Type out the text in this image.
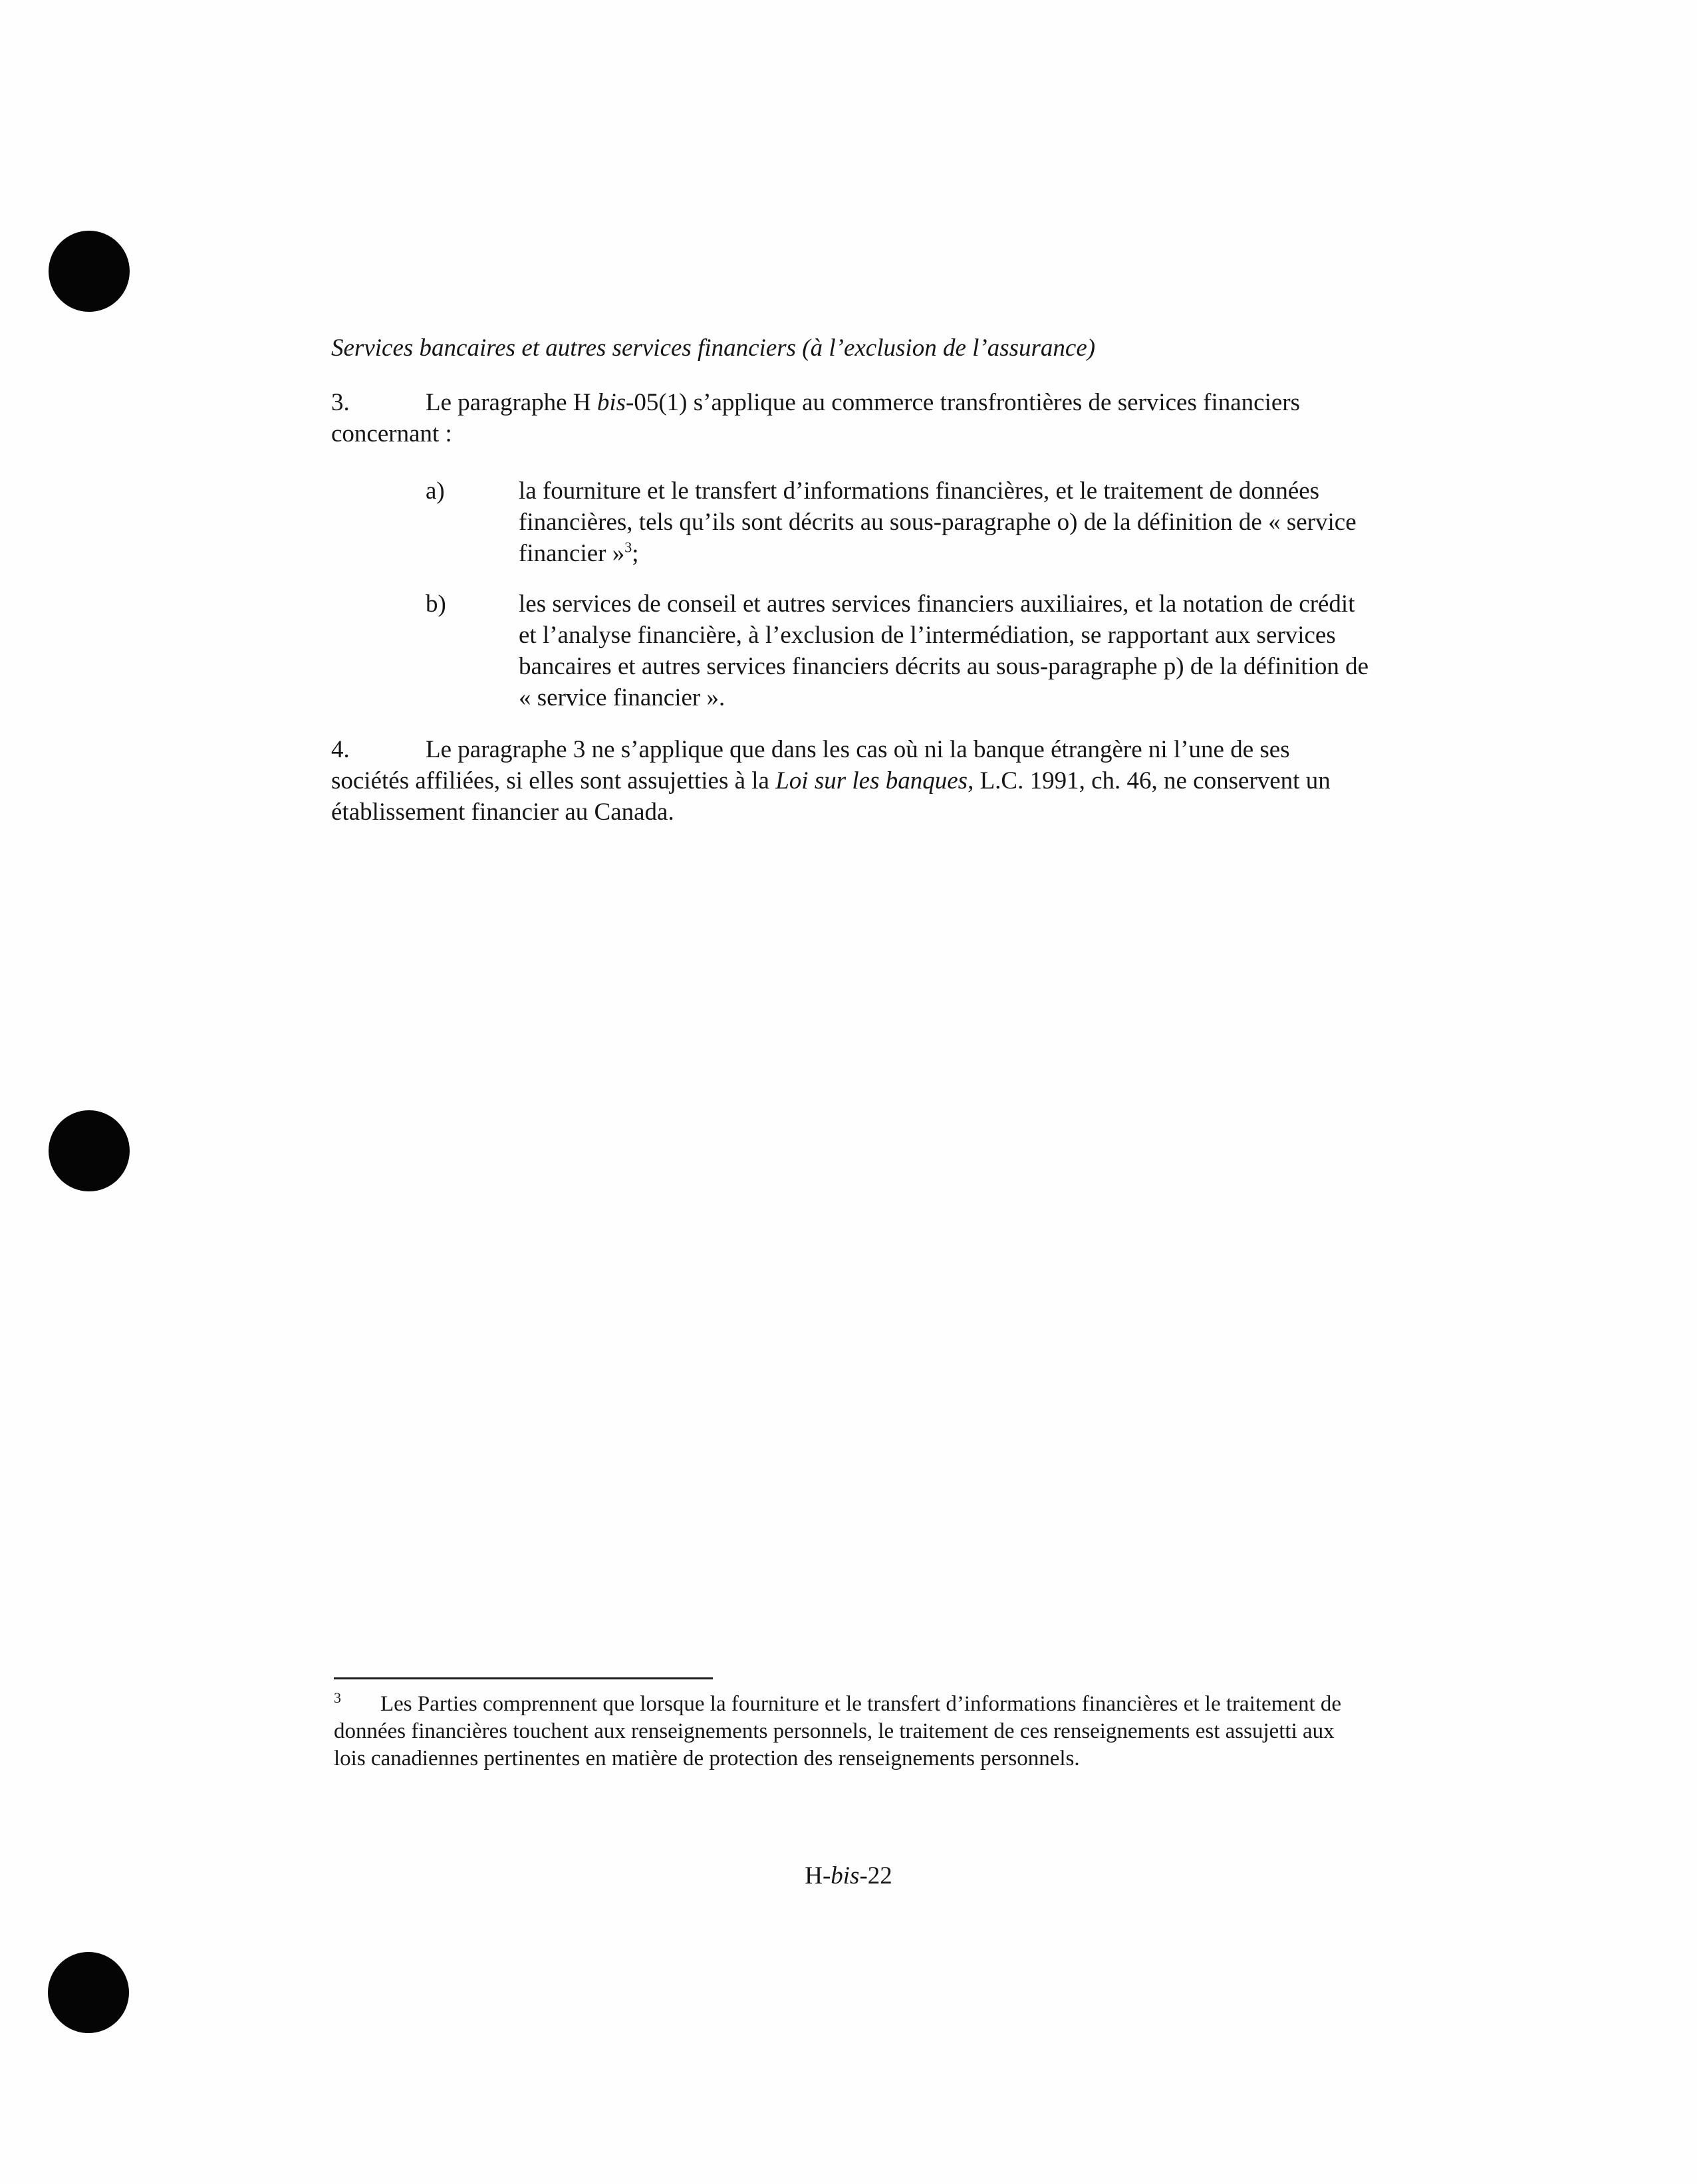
Services bancaires et autres services financiers (à l’exclusion de l’assurance)
3.	Le paragraphe H bis-05(1) s’applique au commerce transfrontières de services financiers concernant :
a)	la fourniture et le transfert d’informations financières, et le traitement de données financières, tels qu’ils sont décrits au sous-paragraphe o) de la définition de « service financier »$^3$;
b)	les services de conseil et autres services financiers auxiliaires, et la notation de crédit et l’analyse financière, à l’exclusion de l’intermédiation, se rapportant aux services bancaires et autres services financiers décrits au sous-paragraphe p) de la définition de « service financier ».
4.	Le paragraphe 3 ne s’applique que dans les cas où ni la banque étrangère ni l’une de ses sociétés affiliées, si elles sont assujetties à la Loi sur les banques, L.C. 1991, ch. 46, ne conservent un établissement financier au Canada.
3 Les Parties comprennent que lorsque la fourniture et le transfert d’informations financières et le traitement de données financières touchent aux renseignements personnels, le traitement de ces renseignements est assujetti aux lois canadiennes pertinentes en matière de protection des renseignements personnels.
H-bis-22
